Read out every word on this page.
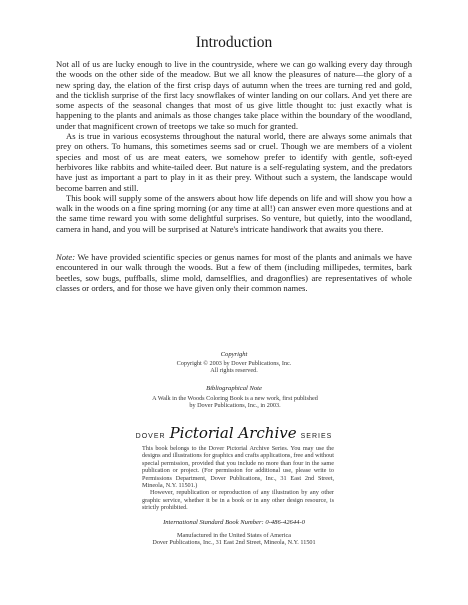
Introduction

Not all of us are lucky enough to live in the countryside, where we can go walking every day through the woods on the other side of the meadow. But we all know the pleasures of nature—the glory of a new spring day, the elation of the first crisp days of autumn when the trees are turning red and gold, and the ticklish surprise of the first lacy snowflakes of winter landing on our collars. And yet there are some aspects of the seasonal changes that most of us give little thought to: just exactly what is happening to the plants and animals as those changes take place within the boundary of the woodland, under that magnificent crown of treetops we take so much for granted.

As is true in various ecosystems throughout the natural world, there are always some animals that prey on others. To humans, this sometimes seems sad or cruel. Though we are members of a violent species and most of us are meat eaters, we somehow prefer to identify with gentle, soft-eyed herbivores like rabbits and white-tailed deer. But nature is a self-regulating system, and the predators have just as important a part to play in it as their prey. Without such a system, the landscape would become barren and still.

This book will supply some of the answers about how life depends on life and will show you how a walk in the woods on a fine spring morning (or any time at all!) can answer even more questions and at the same time reward you with some delightful surprises. So venture, but quietly, into the woodland, camera in hand, and you will be surprised at Nature's intricate handiwork that awaits you there.

Note: We have provided scientific species or genus names for most of the plants and animals we have encountered in our walk through the woods. But a few of them (including millipedes, termites, bark beetles, sow bugs, puffballs, slime mold, damselflies, and dragonflies) are representatives of whole classes or orders, and for those we have given only their common names.
Copyright
Copyright © 2003 by Dover Publications, Inc.
All rights reserved.
Bibliographical Note
A Walk in the Woods Coloring Book is a new work, first published by Dover Publications, Inc., in 2003.
DOVER Pictorial Archive SERIES
This book belongs to the Dover Pictorial Archive Series. You may use the designs and illustrations for graphics and crafts applications, free and without special permission, provided that you include no more than four in the same publication or project. (For permission for additional use, please write to Permissions Department, Dover Publications, Inc., 31 East 2nd Street, Mineola, N.Y. 11501.)
However, republication or reproduction of any illustration by any other graphic service, whether it be in a book or in any other design resource, is strictly prohibited.
International Standard Book Number: 0-486-42644-0
Manufactured in the United States of America
Dover Publications, Inc., 31 East 2nd Street, Mineola, N.Y. 11501
